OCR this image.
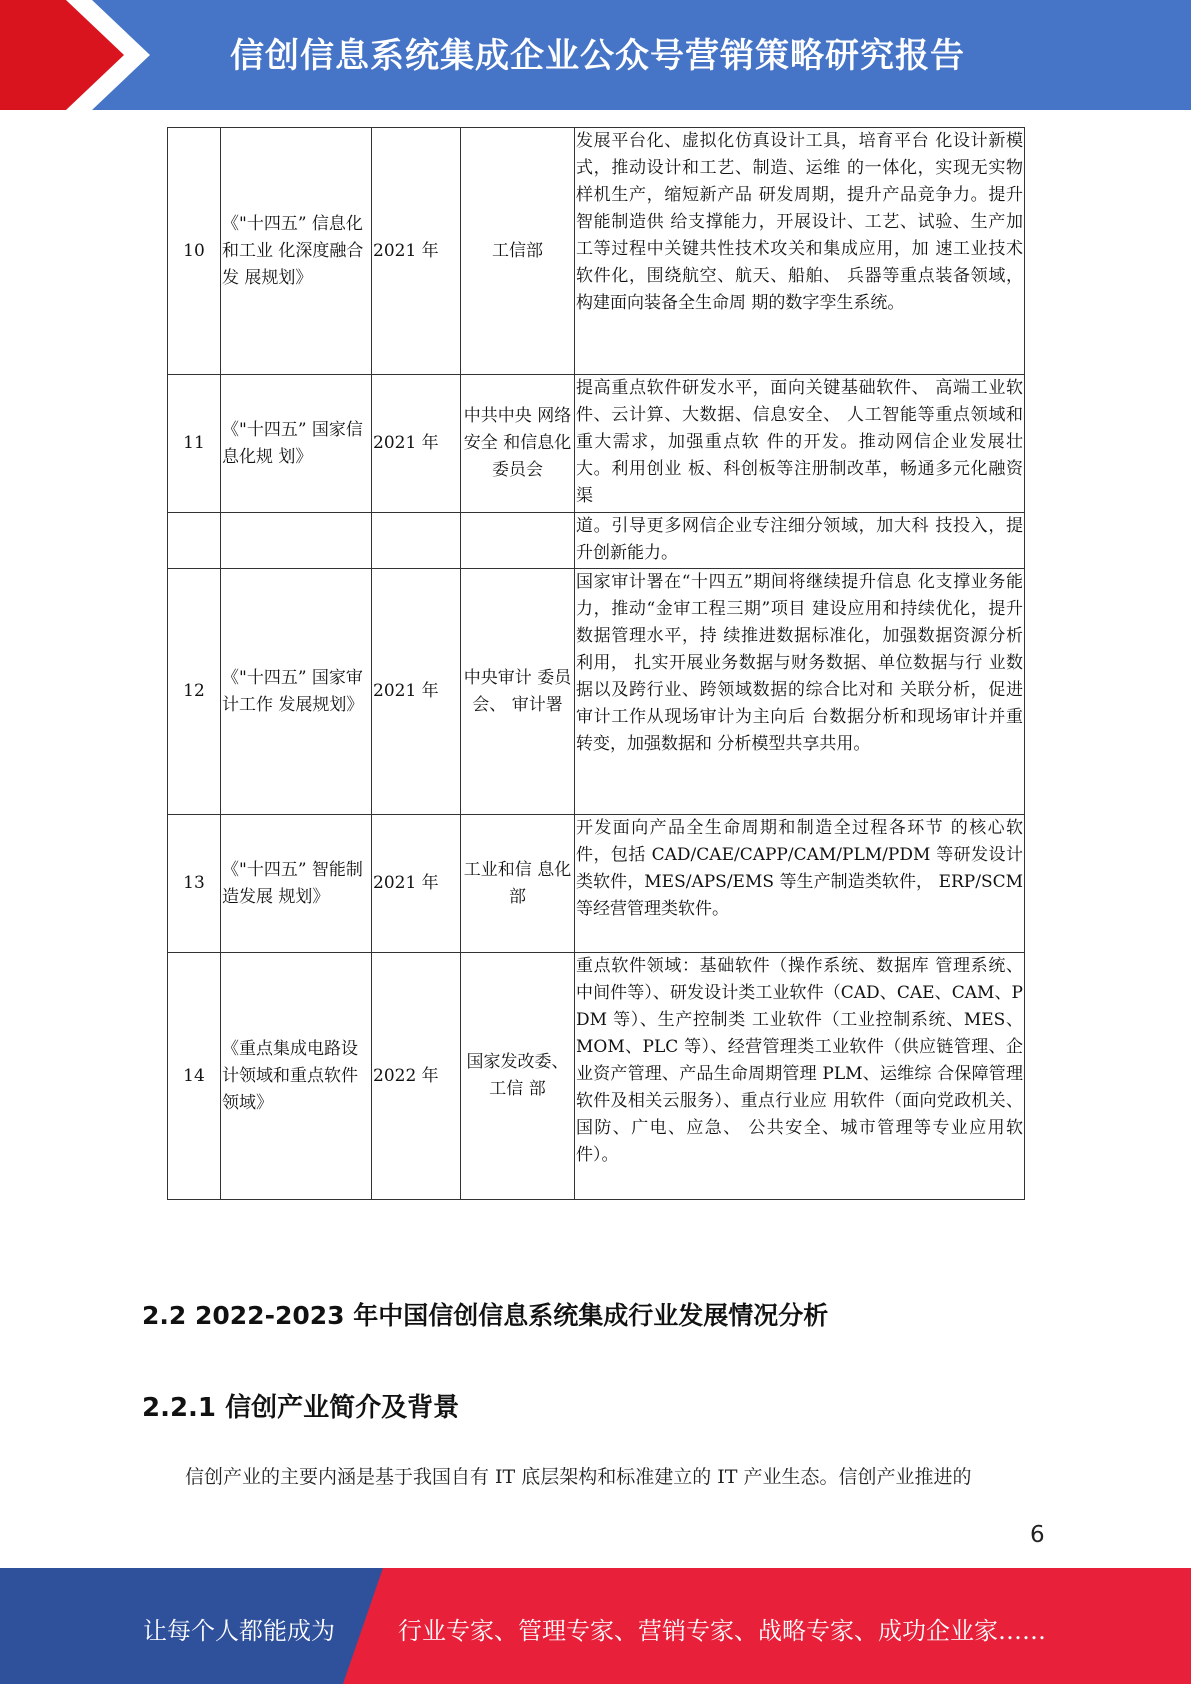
信创信息系统集成企业公众号营销策略研究报告
10	《"十四五” 信息化和工业 化深度融合发 展规划》	2021 年	工信部	发展平台化、虚拟化仿真设计工具，培育平台 化设计新模式，推动设计和工艺、制造、运维 的一体化，实现无实物样机生产，缩短新产品 研发周期，提升产品竞争力。提升智能制造供 给支撑能力，开展设计、工艺、试验、生产加 工等过程中关键共性技术攻关和集成应用，加 速工业技术软件化，围绕航空、航天、船舶、 兵器等重点装备领域，构建面向装备全生命周 期的数字孪生系统。
11	《"十四五” 国家信息化规 划》	2021 年	中共中央 网络安全 和信息化 委员会	提高重点软件研发水平，面向关键基础软件、 高端工业软件、云计算、大数据、信息安全、 人工智能等重点领域和重大需求，加强重点软 件的开发。推动网信企业发展壮大。利用创业 板、科创板等注册制改革，畅通多元化融资渠
				道。引导更多网信企业专注细分领域，加大科 技投入，提升创新能力。
12	《"十四五” 国家审计工作 发展规划》	2021 年	中央审计 委员会、 审计署	国家审计署在“十四五”期间将继续提升信息 化支撑业务能力，推动“金审工程三期”项目 建设应用和持续优化，提升数据管理水平，持 续推进数据标准化，加强数据资源分析利用， 扎实开展业务数据与财务数据、单位数据与行 业数据以及跨行业、跨领域数据的综合比对和 关联分析，促进审计工作从现场审计为主向后 台数据分析和现场审计并重转变，加强数据和 分析模型共享共用。
13	《"十四五” 智能制造发展 规划》	2021 年	工业和信 息化部	开发面向产品全生命周期和制造全过程各环节 的核心软件，包括 CAD/CAE/CAPP/CAM/PLM/PDM 等研发设计 类软件，MES/APS/EMS 等生产制造类软件， ERP/SCM 等经营管理类软件。
14	《重点集成电路设计领域和重点软件领域》	2022 年	国家发改委、工信 部	重点软件领域：基础软件（操作系统、数据库 管理系统、中间件等）、研发设计类工业软件（CAD、CAE、CAM、PDM 等）、生产控制类 工业软件（工业控制系统、MES、MOM、PLC 等）、经营管理类工业软件（供应链管理、企 业资产管理、产品生命周期管理 PLM、运维综 合保障管理软件及相关云服务）、重点行业应 用软件（面向党政机关、国防、广电、应急、 公共安全、城市管理等专业应用软件）。
2.2 2022-2023 年中国信创信息系统集成行业发展情况分析
2.2.1 信创产业简介及背景
信创产业的主要内涵是基于我国自有 IT 底层架构和标准建立的 IT 产业生态。信创产业推进的
6
让每个人都能成为	行业专家、管理专家、营销专家、战略专家、成功企业家……
